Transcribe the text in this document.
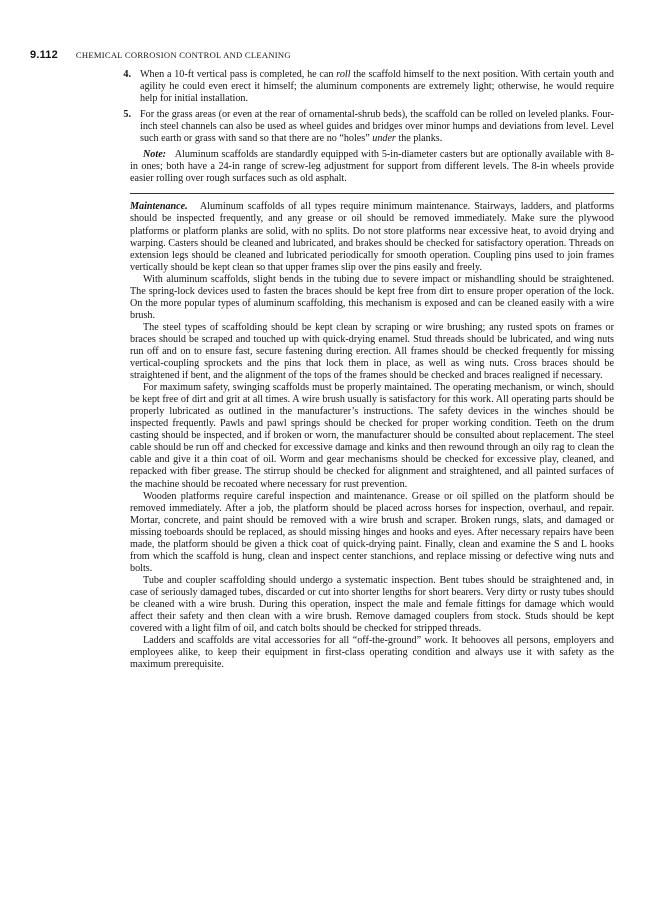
9.112 CHEMICAL CORROSION CONTROL AND CLEANING
4. When a 10-ft vertical pass is completed, he can roll the scaffold himself to the next position. With certain youth and agility he could even erect it himself; the aluminum components are extremely light; otherwise, he would require help for initial installation.
5. For the grass areas (or even at the rear of ornamental-shrub beds), the scaffold can be rolled on leveled planks. Four-inch steel channels can also be used as wheel guides and bridges over minor humps and deviations from level. Level such earth or grass with sand so that there are no “holes” under the planks.

Note: Aluminum scaffolds are standardly equipped with 5-in-diameter casters but are optionally available with 8-in ones; both have a 24-in range of screw-leg adjustment for support from different levels. The 8-in wheels provide easier rolling over rough surfaces such as old asphalt.

Maintenance. Aluminum scaffolds of all types require minimum maintenance. Stairways, ladders, and platforms should be inspected frequently, and any grease or oil should be removed immediately. Make sure the plywood platforms or platform planks are solid, with no splits. Do not store platforms near excessive heat, to avoid drying and warping. Casters should be cleaned and lubricated, and brakes should be checked for satisfactory operation. Threads on extension legs should be cleaned and lubricated periodically for smooth operation. Coupling pins used to join frames vertically should be kept clean so that upper frames slip over the pins easily and freely.

With aluminum scaffolds, slight bends in the tubing due to severe impact or mishandling should be straightened. The spring-lock devices used to fasten the braces should be kept free from dirt to ensure proper operation of the lock. On the more popular types of aluminum scaffolding, this mechanism is exposed and can be cleaned easily with a wire brush.

The steel types of scaffolding should be kept clean by scraping or wire brushing; any rusted spots on frames or braces should be scraped and touched up with quick-drying enamel. Stud threads should be lubricated, and wing nuts run off and on to ensure fast, secure fastening during erection. All frames should be checked frequently for missing vertical-coupling sprockets and the pins that lock them in place, as well as wing nuts. Cross braces should be straightened if bent, and the alignment of the tops of the frames should be checked and braces realigned if necessary.

For maximum safety, swinging scaffolds must be properly maintained. The operating mechanism, or winch, should be kept free of dirt and grit at all times. A wire brush usually is satisfactory for this work. All operating parts should be properly lubricated as outlined in the manufacturer’s instructions. The safety devices in the winches should be inspected frequently. Pawls and pawl springs should be checked for proper working condition. Teeth on the drum casting should be inspected, and if broken or worn, the manufacturer should be consulted about replacement. The steel cable should be run off and checked for excessive damage and kinks and then rewound through an oily rag to clean the cable and give it a thin coat of oil. Worm and gear mechanisms should be checked for excessive play, cleaned, and repacked with fiber grease. The stirrup should be checked for alignment and straightened, and all painted surfaces of the machine should be recoated where necessary for rust prevention.

Wooden platforms require careful inspection and maintenance. Grease or oil spilled on the platform should be removed immediately. After a job, the platform should be placed across horses for inspection, overhaul, and repair. Mortar, concrete, and paint should be removed with a wire brush and scraper. Broken rungs, slats, and damaged or missing toeboards should be replaced, as should missing hinges and hooks and eyes. After necessary repairs have been made, the platform should be given a thick coat of quick-drying paint. Finally, clean and examine the S and L hooks from which the scaffold is hung, clean and inspect center stanchions, and replace missing or defective wing nuts and bolts.

Tube and coupler scaffolding should undergo a systematic inspection. Bent tubes should be straightened and, in case of seriously damaged tubes, discarded or cut into shorter lengths for short bearers. Very dirty or rusty tubes should be cleaned with a wire brush. During this operation, inspect the male and female fittings for damage which would affect their safety and then clean with a wire brush. Remove damaged couplers from stock. Studs should be kept covered with a light film of oil, and catch bolts should be checked for stripped threads.

Ladders and scaffolds are vital accessories for all “off-the-ground” work. It behooves all persons, employers and employees alike, to keep their equipment in first-class operating condition and always use it with safety as the maximum prerequisite.
